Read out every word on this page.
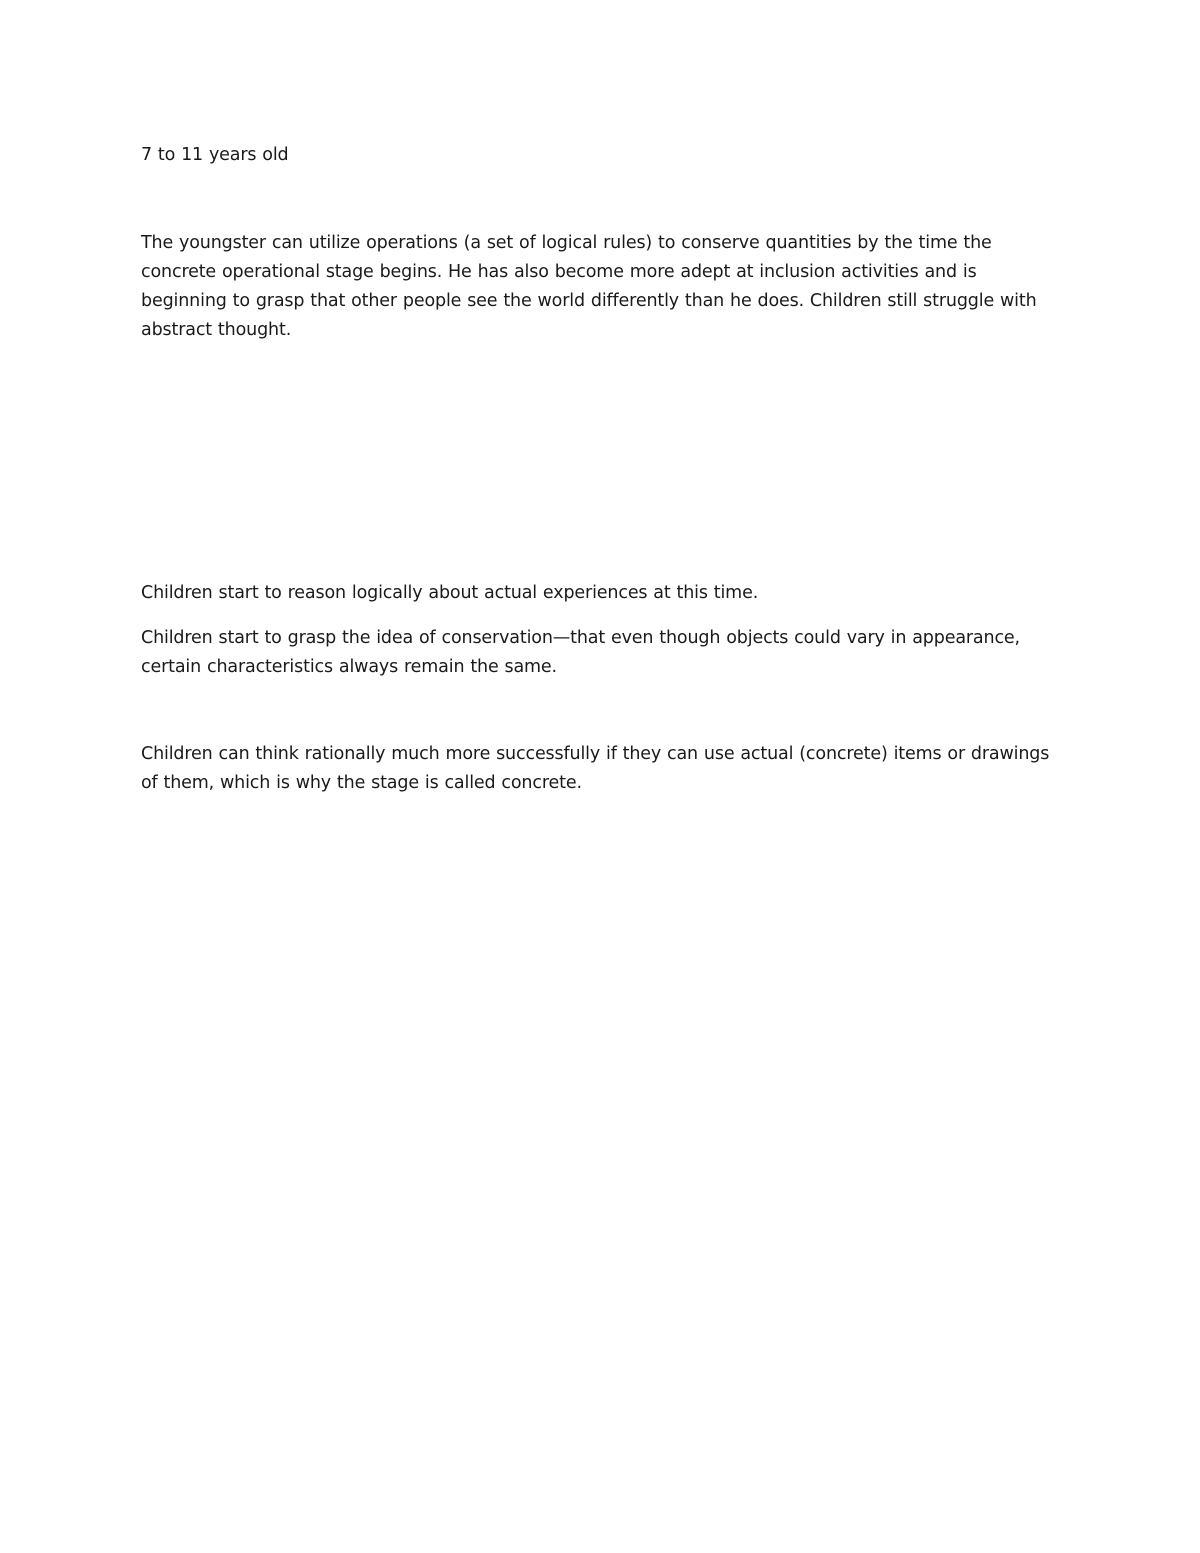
7 to 11 years old

The youngster can utilize operations (a set of logical rules) to conserve quantities by the time the concrete operational stage begins. He has also become more adept at inclusion activities and is beginning to grasp that other people see the world differently than he does. Children still struggle with abstract thought.

Children start to reason logically about actual experiences at this time.

Children start to grasp the idea of conservation—that even though objects could vary in appearance, certain characteristics always remain the same.

Children can think rationally much more successfully if they can use actual (concrete) items or drawings of them, which is why the stage is called concrete.
